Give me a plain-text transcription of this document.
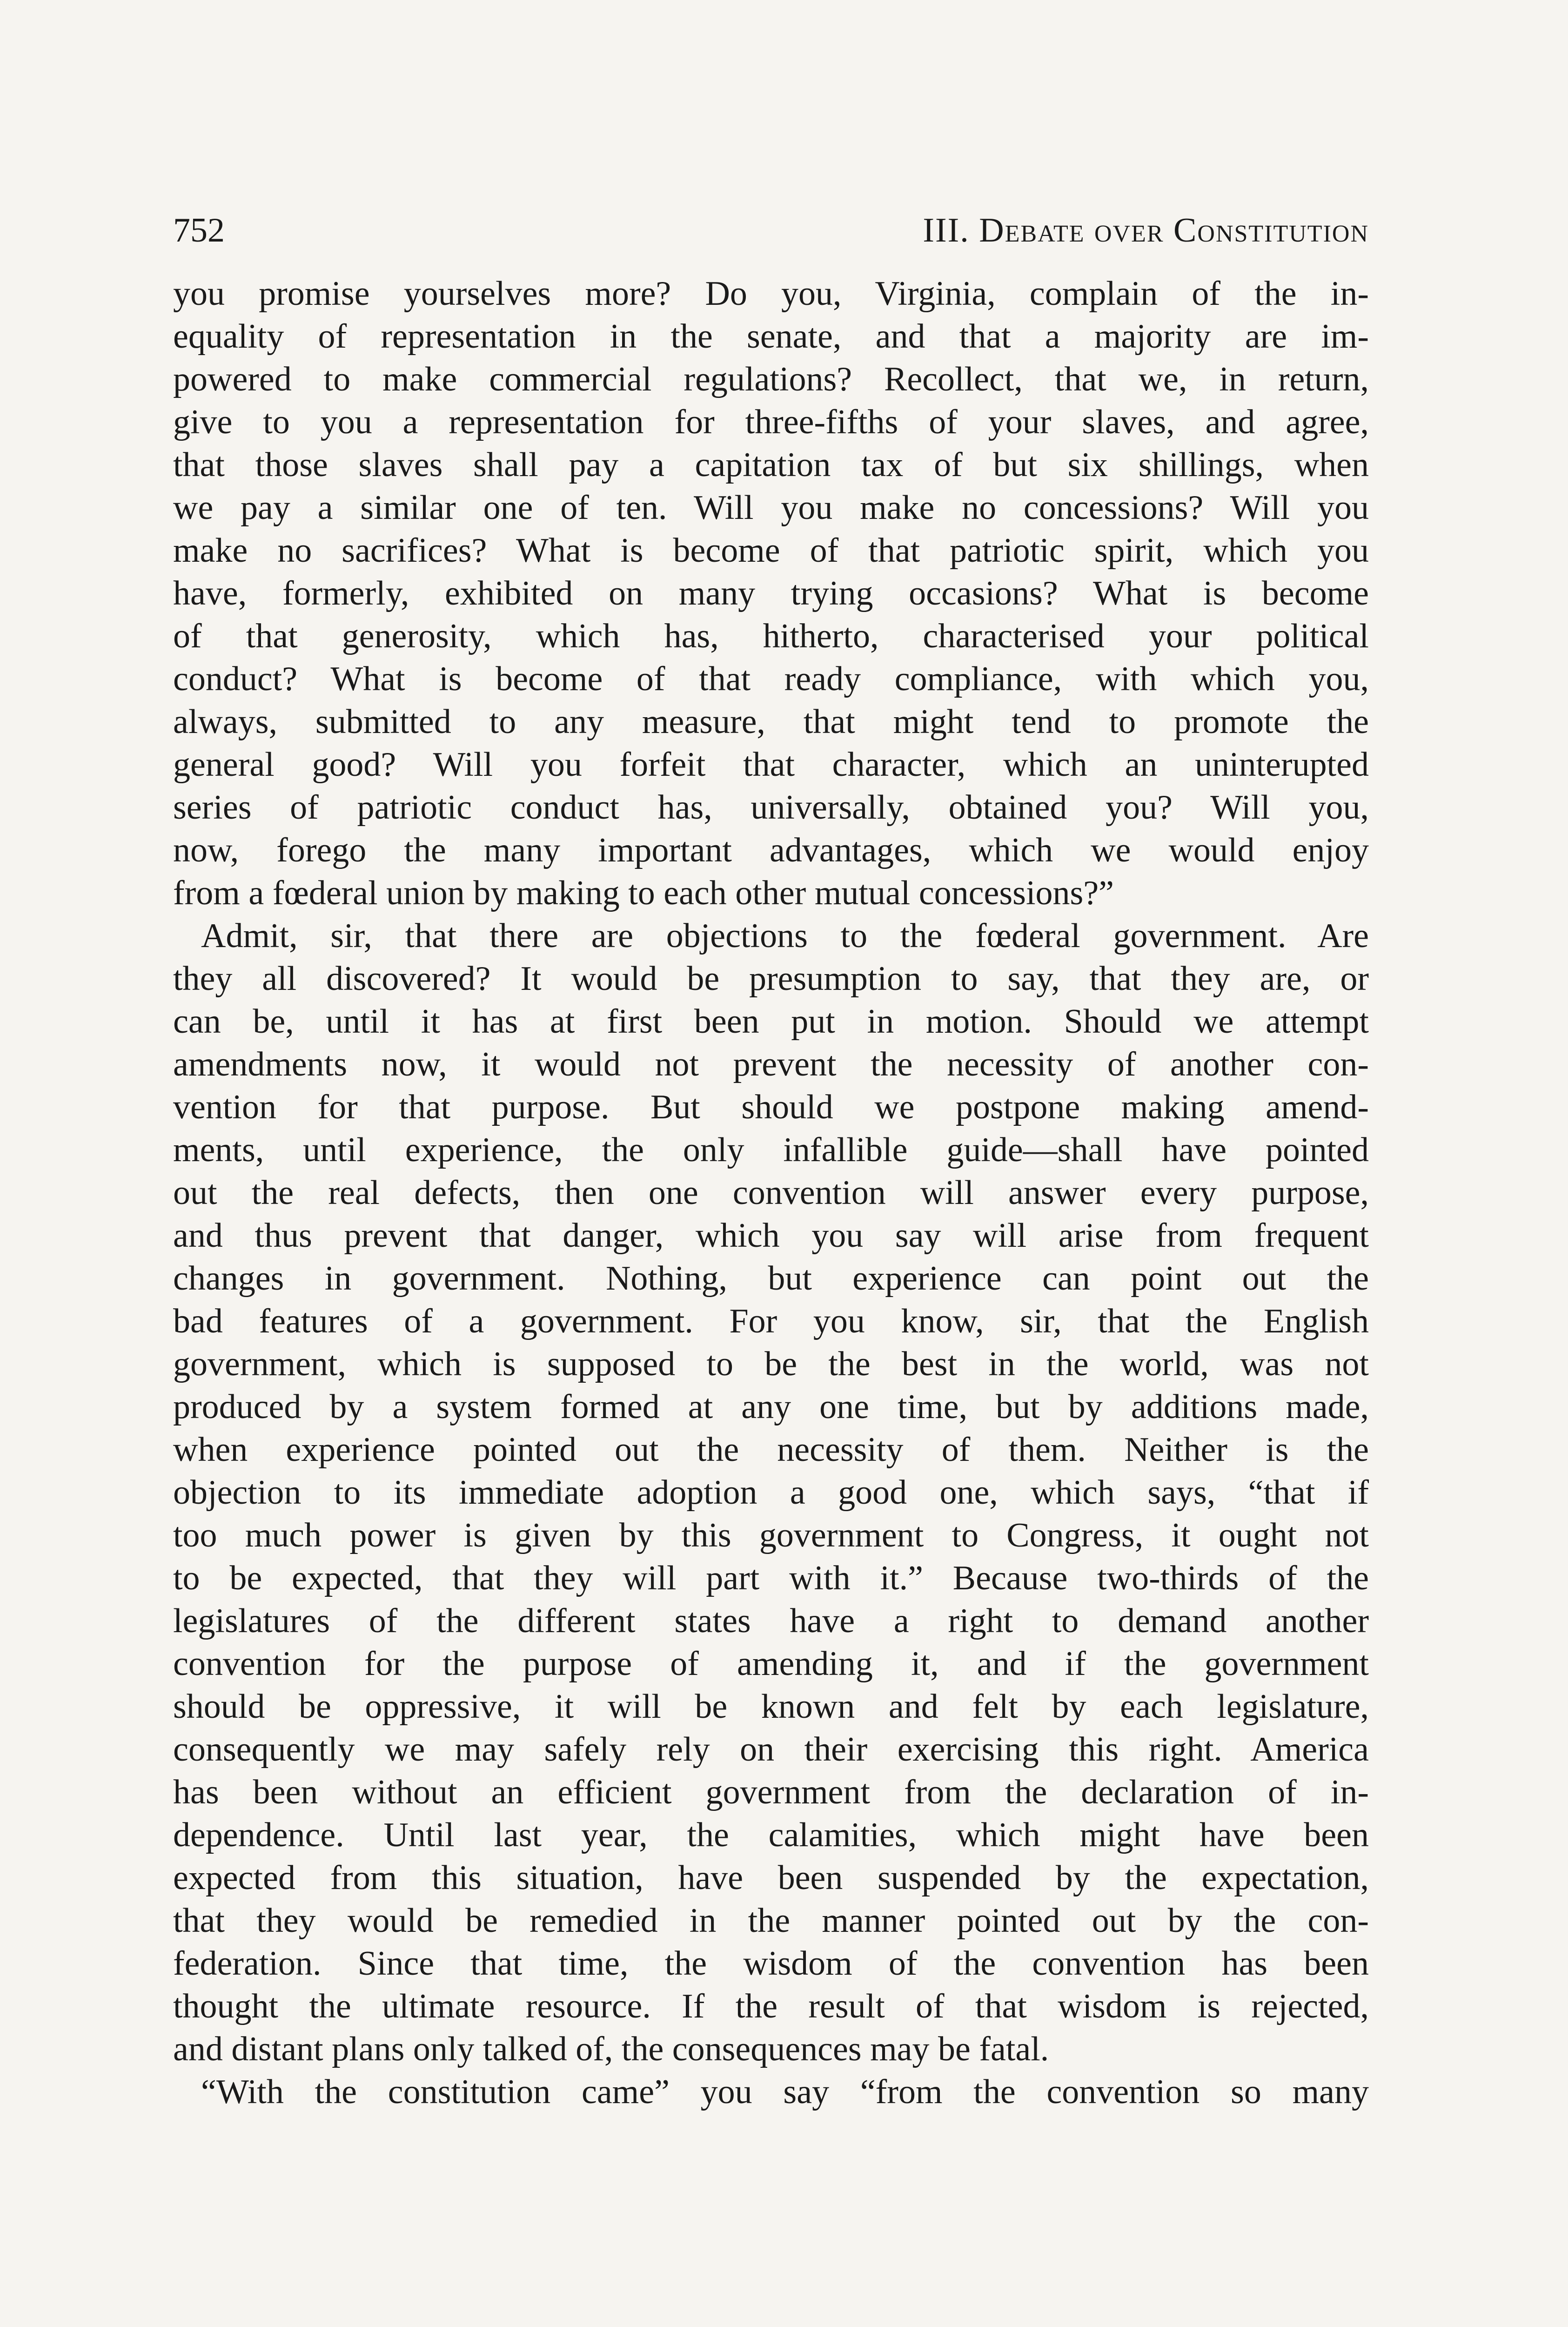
752	III. Debate over Constitution
you promise yourselves more? Do you, Virginia, complain of the in-
equality of representation in the senate, and that a majority are im-
powered to make commercial regulations? Recollect, that we, in return,
give to you a representation for three-fifths of your slaves, and agree,
that those slaves shall pay a capitation tax of but six shillings, when
we pay a similar one of ten. Will you make no concessions? Will you
make no sacrifices? What is become of that patriotic spirit, which you
have, formerly, exhibited on many trying occasions? What is become
of that generosity, which has, hitherto, characterised your political
conduct? What is become of that ready compliance, with which you,
always, submitted to any measure, that might tend to promote the
general good? Will you forfeit that character, which an uninterupted
series of patriotic conduct has, universally, obtained you? Will you,
now, forego the many important advantages, which we would enjoy
from a fœderal union by making to each other mutual concessions?”
Admit, sir, that there are objections to the fœderal government. Are
they all discovered? It would be presumption to say, that they are, or
can be, until it has at first been put in motion. Should we attempt
amendments now, it would not prevent the necessity of another con-
vention for that purpose. But should we postpone making amend-
ments, until experience, the only infallible guide—shall have pointed
out the real defects, then one convention will answer every purpose,
and thus prevent that danger, which you say will arise from frequent
changes in government. Nothing, but experience can point out the
bad features of a government. For you know, sir, that the English
government, which is supposed to be the best in the world, was not
produced by a system formed at any one time, but by additions made,
when experience pointed out the necessity of them. Neither is the
objection to its immediate adoption a good one, which says, “that if
too much power is given by this government to Congress, it ought not
to be expected, that they will part with it.” Because two-thirds of the
legislatures of the different states have a right to demand another
convention for the purpose of amending it, and if the government
should be oppressive, it will be known and felt by each legislature,
consequently we may safely rely on their exercising this right. America
has been without an efficient government from the declaration of in-
dependence. Until last year, the calamities, which might have been
expected from this situation, have been suspended by the expectation,
that they would be remedied in the manner pointed out by the con-
federation. Since that time, the wisdom of the convention has been
thought the ultimate resource. If the result of that wisdom is rejected,
and distant plans only talked of, the consequences may be fatal.
“With the constitution came” you say “from the convention so many
